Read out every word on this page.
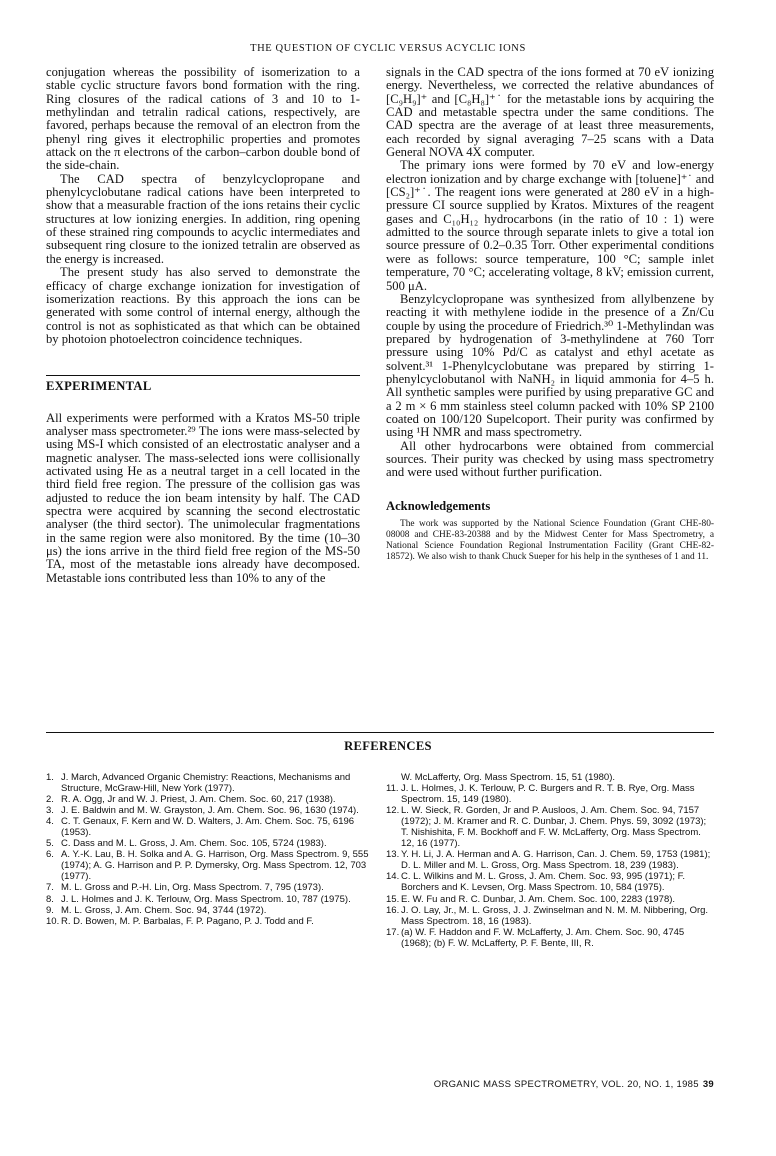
THE QUESTION OF CYCLIC VERSUS ACYCLIC IONS

conjugation whereas the possibility of isomerization to a stable cyclic structure favors bond formation with the ring. Ring closures of the radical cations of 3 and 10 to 1-methylindan and tetralin radical cations, respectively, are favored, perhaps because the removal of an electron from the phenyl ring gives it electrophilic properties and promotes attack on the π electrons of the carbon–carbon double bond of the side-chain.

The CAD spectra of benzylcyclopropane and phenylcyclobutane radical cations have been interpreted to show that a measurable fraction of the ions retains their cyclic structures at low ionizing energies. In addition, ring opening of these strained ring compounds to acyclic intermediates and subsequent ring closure to the ionized tetralin are observed as the energy is increased.

The present study has also served to demonstrate the efficacy of charge exchange ionization for investigation of isomerization reactions. By this approach the ions can be generated with some control of internal energy, although the control is not as sophisticated as that which can be obtained by photoion photoelectron coincidence techniques.

EXPERIMENTAL

All experiments were performed with a Kratos MS-50 triple analyser mass spectrometer.²⁹ The ions were mass-selected by using MS-I which consisted of an electrostatic analyser and a magnetic analyser. The mass-selected ions were collisionally activated using He as a neutral target in a cell located in the third field free region. The pressure of the collision gas was adjusted to reduce the ion beam intensity by half. The CAD spectra were acquired by scanning the second electrostatic analyser (the third sector). The unimolecular fragmentations in the same region were also monitored. By the time (10–30 μs) the ions arrive in the third field free region of the MS-50 TA, most of the metastable ions already have decomposed. Metastable ions contributed less than 10% to any of the

signals in the CAD spectra of the ions formed at 70 eV ionizing energy. Nevertheless, we corrected the relative abundances of [C₉H₉]⁺ and [C₈H₈]⁺˙ for the metastable ions by acquiring the CAD and metastable spectra under the same conditions. The CAD spectra are the average of at least three measurements, each recorded by signal averaging 7–25 scans with a Data General NOVA 4X computer.

The primary ions were formed by 70 eV and low-energy electron ionization and by charge exchange with [toluene]⁺˙ and [CS₂]⁺˙. The reagent ions were generated at 280 eV in a high-pressure CI source supplied by Kratos. Mixtures of the reagent gases and C₁₀H₁₂ hydrocarbons (in the ratio of 10 : 1) were admitted to the source through separate inlets to give a total ion source pressure of 0.2–0.35 Torr. Other experimental conditions were as follows: source temperature, 100 °C; sample inlet temperature, 70 °C; accelerating voltage, 8 kV; emission current, 500 μA.

Benzylcyclopropane was synthesized from allylbenzene by reacting it with methylene iodide in the presence of a Zn/Cu couple by using the procedure of Friedrich.³⁰ 1-Methylindan was prepared by hydrogenation of 3-methylindene at 760 Torr pressure using 10% Pd/C as catalyst and ethyl acetate as solvent.³¹ 1-Phenylcyclobutane was prepared by stirring 1-phenylcyclobutanol with NaNH₂ in liquid ammonia for 4–5 h. All synthetic samples were purified by using preparative GC and a 2 m × 6 mm stainless steel column packed with 10% SP 2100 coated on 100/120 Supelcoport. Their purity was confirmed by using ¹H NMR and mass spectrometry.

All other hydrocarbons were obtained from commercial sources. Their purity was checked by using mass spectrometry and were used without further purification.

Acknowledgements

The work was supported by the National Science Foundation (Grant CHE-80-08008 and CHE-83-20388 and by the Midwest Center for Mass Spectrometry, a National Science Foundation Regional Instrumentation Facility (Grant CHE-82-18572). We also wish to thank Chuck Sueper for his help in the syntheses of 1 and 11.

REFERENCES
1. J. March, Advanced Organic Chemistry: Reactions, Mechanisms and Structure, McGraw-Hill, New York (1977).
2. R. A. Ogg, Jr and W. J. Priest, J. Am. Chem. Soc. 60, 217 (1938).
3. J. E. Baldwin and M. W. Grayston, J. Am. Chem. Soc. 96, 1630 (1974).
4. C. T. Genaux, F. Kern and W. D. Walters, J. Am. Chem. Soc. 75, 6196 (1953).
5. C. Dass and M. L. Gross, J. Am. Chem. Soc. 105, 5724 (1983).
6. A. Y.-K. Lau, B. H. Solka and A. G. Harrison, Org. Mass Spectrom. 9, 555 (1974); A. G. Harrison and P. P. Dymersky, Org. Mass Spectrom. 12, 703 (1977).
7. M. L. Gross and P.-H. Lin, Org. Mass Spectrom. 7, 795 (1973).
8. J. L. Holmes and J. K. Terlouw, Org. Mass Spectrom. 10, 787 (1975).
9. M. L. Gross, J. Am. Chem. Soc. 94, 3744 (1972).
10. R. D. Bowen, M. P. Barbalas, F. P. Pagano, P. J. Todd and F.
W. McLafferty, Org. Mass Spectrom. 15, 51 (1980).
11. J. L. Holmes, J. K. Terlouw, P. C. Burgers and R. T. B. Rye, Org. Mass Spectrom. 15, 149 (1980).
12. L. W. Sieck, R. Gorden, Jr and P. Ausloos, J. Am. Chem. Soc. 94, 7157 (1972); J. M. Kramer and R. C. Dunbar, J. Chem. Phys. 59, 3092 (1973); T. Nishishita, F. M. Bockhoff and F. W. McLafferty, Org. Mass Spectrom. 12, 16 (1977).
13. Y. H. Li, J. A. Herman and A. G. Harrison, Can. J. Chem. 59, 1753 (1981); D. L. Miller and M. L. Gross, Org. Mass Spectrom. 18, 239 (1983).
14. C. L. Wilkins and M. L. Gross, J. Am. Chem. Soc. 93, 995 (1971); F. Borchers and K. Levsen, Org. Mass Spectrom. 10, 584 (1975).
15. E. W. Fu and R. C. Dunbar, J. Am. Chem. Soc. 100, 2283 (1978).
16. J. O. Lay, Jr., M. L. Gross, J. J. Zwinselman and N. M. M. Nibbering, Org. Mass Spectrom. 18, 16 (1983).
17. (a) W. F. Haddon and F. W. McLafferty, J. Am. Chem. Soc. 90, 4745 (1968); (b) F. W. McLafferty, P. F. Bente, III, R.
ORGANIC MASS SPECTROMETRY, VOL. 20, NO. 1, 1985 39
